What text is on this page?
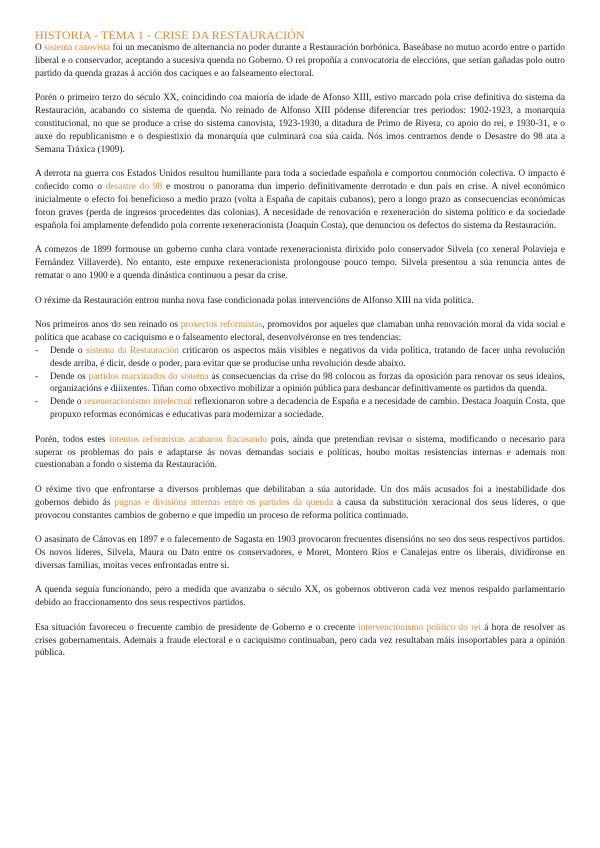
HISTORIA - TEMA 1 - CRISE DA RESTAURACIÓN

O sistema canovista foi un mecanismo de alternancia no poder durante a Restauración borbónica. Baseábase no mutuo acordo entre o partido liberal e o conservador, aceptando a sucesiva quenda no Goberno. O rei propoñía a convocatoria de eleccións, que serían gañadas polo outro partido da quenda grazas á acción dos caciques e ao falseamento electoral.

Porén o primeiro terzo do século XX, coincidindo coa maioría de idade de Afonso XIII, estivo marcado pola crise definitiva do sistema da Restauración, acabando co sistema de quenda. No reinado de Alfonso XIII pódense diferenciar tres períodos: 1902-1923, a monarquía constitucional, no que se produce a crise do sistema canovista, 1923-1930, a ditadura de Primo de Rivera, co apoio do rei, e 1930-31, e o auxe do republicanismo e o despiestixio da monarquía que culminará coa súa caída. Nós imos centrarnos dende o Desastre do 98 ata a Semana Tráxica (1909).

A derrota na guerra cos Estados Unidos resultou humillante para toda a sociedade española e comportou conmoción colectiva. O impacto é coñecido como o desastre do 98 e mostrou o panorama dun imperio definitivamente derrotado e dun país en crise. A nivel económico inicialmente o efecto foi beneficioso a medio prazo (volta a España de capitais cubanos), pero a longo prazo as consecuencias económicas foron graves (perda de ingresos procedentes das colonias). A necesidade de renovación e rexeneración do sistema político e da sociedade española foi amplamente defendido pola corrente rexeneracionista (Joaquín Costa), que denunciou os defectos do sistema da Restauración.

A comezos de 1899 formouse un goberno cunha clara vontade rexeneracionista dirixido polo conservador Silvela (co xeneral Polavieja e Fernández Villaverde). No entanto, este empuxe rexeneracionista prolongouse pouco tempo. Silvela presentou a súa renuncia antes de rematar o ano 1900 e a quenda dinástica continuou a pesar da crise.

O réxime da Restauración entrou nunha nova fase condicionada polas intervencións de Alfonso XIII na vida política.

Nos primeiros anos do seu reinado os proxectos reformistas, promovidos por aqueles que clamaban unha renovación moral da vida social e política que acabase co caciquismo e o falseamento electoral, desenvolvéronse en tres tendencias:

- Dende o sistema da Restauración criticaron os aspectos máis visibles e negativos da vida política, tratando de facer unha revolución desde arriba, é dicir, desde o poder, para evitar que se producise unha revolución desde abaixo.
- Dende os partidos marxinados do sistema as consecuencias da crise do 98 colocou as forzas da oposición para renovar os seus ideaios, organizacións e diiixentes. Tiñan como obxectivo mobilizar a opinión pública para desbancar definitivamente os partidos da quenda.
- Dende o rexeneracionismo intelectual reflexionaron sobre a decadencia de España e a necesidade de cambio. Destaca Joaquín Costa, que propuxo reformas económicas e educativas para modernizar a sociedade.

Porén, todos estes intentos reformistas acabaron fracasando pois, aínda que pretendían revisar o sistema, modificando o necesario para superar os problemas do país e adaptarse ás novas demandas sociais e políticas, houbo moitas resistencias internas e ademais non cuestionaban a fondo o sistema da Restauración.

O réxime tivo que enfrontarse a diversos problemas que debilitaban a súa autoridade. Un dos máis acusados foi a inestabilidade dos gobernos debido ás pugnas e divisións internas entre os partidos da quenda a causa da substitución xeracional dos seus líderes, o que provocou constantes cambios de goberno e que impedíu un proceso de reforma política continuado.

O asasinato de Cánovas en 1897 e o falecemento de Sagasta en 1903 provocaron frecuentes disensións no seo dos seus respectivos partidos. Os novos líderes, Silvela, Maura ou Dato entre os conservadores, e Moret, Montero Ríos e Canalejas entre os liberais, dividíronse en diversas familias, moitas veces enfrontadas entre si.

A quenda seguía funcionando, pero a medida que avanzaba o século XX, os gobernos obtiveron cada vez menos respaldo parlamentario debido ao fraccionamento dos seus respectivos partidos.

Esa situación favoreceu o frecuente cambio de presidente de Goberno e o crecente intervencionismo político do rei á hora de resolver as crises gobernamentais. Ademais a fraude electoral e o caciquismo continuaban, pero cada vez resultaban máis insoportables para a opinión pública.
